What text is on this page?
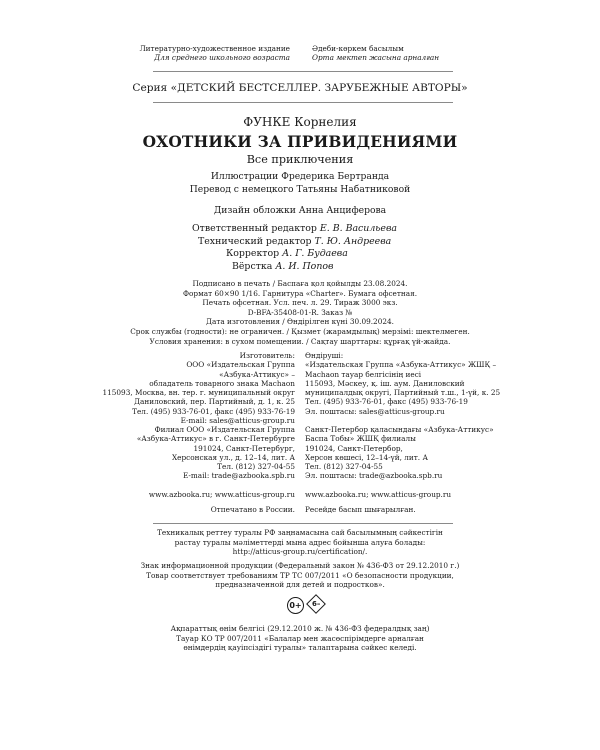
Литературно-художественное издание
Для среднего школьного возраста
Әдеби-көркем басылым
Орта мектеп жасына арналған
Серия «ДЕТСКИЙ БЕСТСЕЛЛЕР. ЗАРУБЕЖНЫЕ АВТОРЫ»
ФУНКЕ Корнелия
ОХОТНИКИ ЗА ПРИВИДЕНИЯМИ
Все приключения
Иллюстрации Фредерика Бертранда
Перевод с немецкого Татьяны Набатниковой
Дизайн обложки Анна Анциферова
Ответственный редактор Е. В. Васильева
Технический редактор Т. Ю. Андреева
Корректор А. Г. Будаева
Вёрстка А. И. Попов
Подписано в печать / Баспаға қол қойылды 23.08.2024.
Формат 60×90 1/16. Гарнитура «Charter». Бумага офсетная.
Печать офсетная. Усл. печ. л. 29. Тираж 3000 экз.
D-BFA-35408-01-R. Заказ №
Дата изготовления / Өндірілген күні 30.09.2024.
Срок службы (годности): не ограничен. / Қызмет (жарамдылық) мерзімі: шектелмеген.
Условия хранения: в сухом помещении. / Сақтау шарттары: құрғақ үй-жайда.
Изготовитель:
ООО «Издательская Группа
«Азбука-Аттикус» –
обладатель товарного знака Machaon
115093, Москва, вн. тер. г. муниципальный округ
Даниловский, пер. Партийный, д. 1, к. 25
Тел. (495) 933-76-01, факс (495) 933-76-19
E-mail: sales@atticus-group.ru
Өндіруші:
«Издательская Группа «Азбука-Аттикус» ЖШҚ –
Machaon тауар белгісінің иесі
115093, Мәскеу, қ. іш. аум. Даниловский
муниципалдық округі, Партийный т.ш., 1-үй, к. 25
Тел. (495) 933-76-01, факс (495) 933-76-19
Эл. поштасы: sales@atticus-group.ru
Филиал ООО «Издательская Группа
«Азбука-Аттикус» в г. Санкт-Петербурге
191024, Санкт-Петербург,
Херсонская ул., д. 12–14, лит. А
Тел. (812) 327-04-55
E-mail: trade@azbooka.spb.ru
Санкт-Петербор қаласындағы «Азбука-Аттикус»
Баспа Тобы» ЖШҚ филиалы
191024, Санкт-Петербор,
Херсон көшесі, 12–14-үй, лит. А
Тел. (812) 327-04-55
Эл. поштасы: trade@azbooka.spb.ru
www.azbooka.ru; www.atticus-group.ru www.azbooka.ru; www.atticus-group.ru
Отпечатано в России. Ресейде басып шығарылған.
Техникалық реттеу туралы РФ заңнамасына сай басылымның сәйкестігін
растау туралы мәліметтерді мына адрес бойынша алуға болады:
http://atticus-group.ru/certification/.
Знак информационной продукции (Федеральный закон № 436-ФЗ от 29.12.2010 г.)
Товар соответствует требованиям ТР ТС 007/2011 «О безопасности продукции,
предназначенной для детей и подростков».
0+ 6–
Ақпараттық өнім белгісі (29.12.2010 ж. № 436-ФЗ федералдық заң)
Тауар КО ТР 007/2011 «Балалар мен жасөспірімдерге арналған
өнімдердің қауіпсіздігі туралы» талаптарына сәйкес келеді.
